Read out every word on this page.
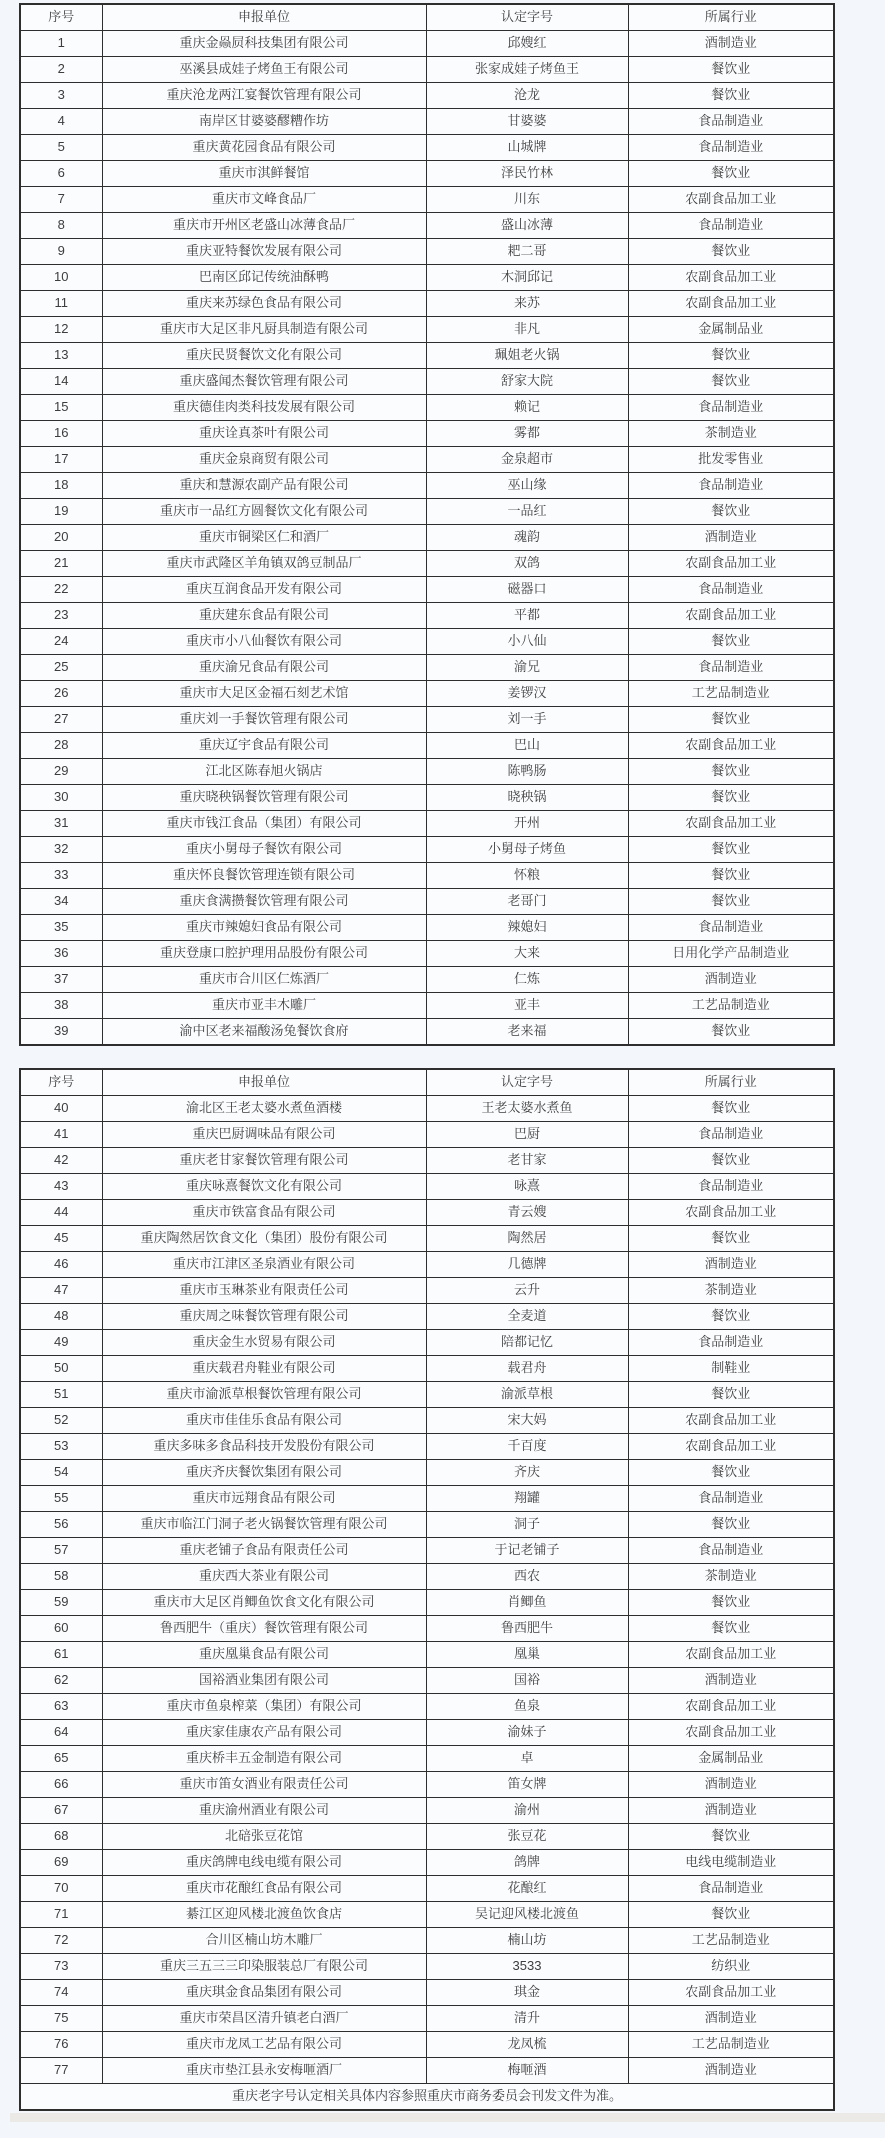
序号	申报单位	认定字号	所属行业
1	重庆金赑屃科技集团有限公司	邱嫂红	酒制造业
2	巫溪县成娃子烤鱼王有限公司	张家成娃子烤鱼王	餐饮业
3	重庆沧龙两江宴餐饮管理有限公司	沧龙	餐饮业
4	南岸区甘婆婆醪糟作坊	甘婆婆	食品制造业
5	重庆黄花园食品有限公司	山城牌	食品制造业
6	重庆市淇鲜餐馆	泽民竹林	餐饮业
7	重庆市文峰食品厂	川东	农副食品加工业
8	重庆市开州区老盛山冰薄食品厂	盛山冰薄	食品制造业
9	重庆亚特餐饮发展有限公司	耙二哥	餐饮业
10	巴南区邱记传统油酥鸭	木洞邱记	农副食品加工业
11	重庆来苏绿色食品有限公司	来苏	农副食品加工业
12	重庆市大足区非凡厨具制造有限公司	非凡	金属制品业
13	重庆民贤餐饮文化有限公司	珮姐老火锅	餐饮业
14	重庆盛闻杰餐饮管理有限公司	舒家大院	餐饮业
15	重庆德佳肉类科技发展有限公司	赖记	食品制造业
16	重庆诠真茶叶有限公司	雾都	茶制造业
17	重庆金泉商贸有限公司	金泉超市	批发零售业
18	重庆和慧源农副产品有限公司	巫山缘	食品制造业
19	重庆市一品红方圆餐饮文化有限公司	一品红	餐饮业
20	重庆市铜梁区仁和酒厂	魂韵	酒制造业
21	重庆市武隆区羊角镇双鸽豆制品厂	双鸽	农副食品加工业
22	重庆互润食品开发有限公司	磁器口	食品制造业
23	重庆建东食品有限公司	平都	农副食品加工业
24	重庆市小八仙餐饮有限公司	小八仙	餐饮业
25	重庆渝兄食品有限公司	渝兄	食品制造业
26	重庆市大足区金福石刻艺术馆	姜锣汉	工艺品制造业
27	重庆刘一手餐饮管理有限公司	刘一手	餐饮业
28	重庆辽宇食品有限公司	巴山	农副食品加工业
29	江北区陈春旭火锅店	陈鸭肠	餐饮业
30	重庆晓秧锅餐饮管理有限公司	晓秧锅	餐饮业
31	重庆市钱江食品（集团）有限公司	开州	农副食品加工业
32	重庆小舅母子餐饮有限公司	小舅母子烤鱼	餐饮业
33	重庆怀良餐饮管理连锁有限公司	怀粮	餐饮业
34	重庆食满攒餐饮管理有限公司	老哥门	餐饮业
35	重庆市辣媳妇食品有限公司	辣媳妇	食品制造业
36	重庆登康口腔护理用品股份有限公司	大来	日用化学产品制造业
37	重庆市合川区仁炼酒厂	仁炼	酒制造业
38	重庆市亚丰木雕厂	亚丰	工艺品制造业
39	渝中区老来福酸汤兔餐饮食府	老来福	餐饮业
序号	申报单位	认定字号	所属行业
40	渝北区王老太婆水煮鱼酒楼	王老太婆水煮鱼	餐饮业
41	重庆巴厨调味品有限公司	巴厨	食品制造业
42	重庆老甘家餐饮管理有限公司	老甘家	餐饮业
43	重庆咏熹餐饮文化有限公司	咏熹	食品制造业
44	重庆市铁富食品有限公司	青云嫂	农副食品加工业
45	重庆陶然居饮食文化（集团）股份有限公司	陶然居	餐饮业
46	重庆市江津区圣泉酒业有限公司	几德牌	酒制造业
47	重庆市玉琳茶业有限责任公司	云升	茶制造业
48	重庆周之味餐饮管理有限公司	全麦道	餐饮业
49	重庆金生水贸易有限公司	陪都记忆	食品制造业
50	重庆载君舟鞋业有限公司	载君舟	制鞋业
51	重庆市渝派草根餐饮管理有限公司	渝派草根	餐饮业
52	重庆市佳佳乐食品有限公司	宋大妈	农副食品加工业
53	重庆多味多食品科技开发股份有限公司	千百度	农副食品加工业
54	重庆齐庆餐饮集团有限公司	齐庆	餐饮业
55	重庆市远翔食品有限公司	翔罐	食品制造业
56	重庆市临江门洞子老火锅餐饮管理有限公司	洞子	餐饮业
57	重庆老铺子食品有限责任公司	于记老铺子	食品制造业
58	重庆西大茶业有限公司	西农	茶制造业
59	重庆市大足区肖鲫鱼饮食文化有限公司	肖鲫鱼	餐饮业
60	鲁西肥牛（重庆）餐饮管理有限公司	鲁西肥牛	餐饮业
61	重庆凰巢食品有限公司	凰巢	农副食品加工业
62	国裕酒业集团有限公司	国裕	酒制造业
63	重庆市鱼泉榨菜（集团）有限公司	鱼泉	农副食品加工业
64	重庆家佳康农产品有限公司	渝妹子	农副食品加工业
65	重庆桥丰五金制造有限公司	卓	金属制品业
66	重庆市笛女酒业有限责任公司	笛女牌	酒制造业
67	重庆渝州酒业有限公司	渝州	酒制造业
68	北碚张豆花馆	张豆花	餐饮业
69	重庆鸽牌电线电缆有限公司	鸽牌	电线电缆制造业
70	重庆市花酿红食品有限公司	花酿红	食品制造业
71	綦江区迎风楼北渡鱼饮食店	吴记迎风楼北渡鱼	餐饮业
72	合川区楠山坊木雕厂	楠山坊	工艺品制造业
73	重庆三五三三印染服装总厂有限公司	3533	纺织业
74	重庆琪金食品集团有限公司	琪金	农副食品加工业
75	重庆市荣昌区清升镇老白酒厂	清升	酒制造业
76	重庆市龙凤工艺品有限公司	龙凤梳	工艺品制造业
77	重庆市垫江县永安梅咂酒厂	梅咂酒	酒制造业
重庆老字号认定相关具体内容参照重庆市商务委员会刊发文件为准。			
